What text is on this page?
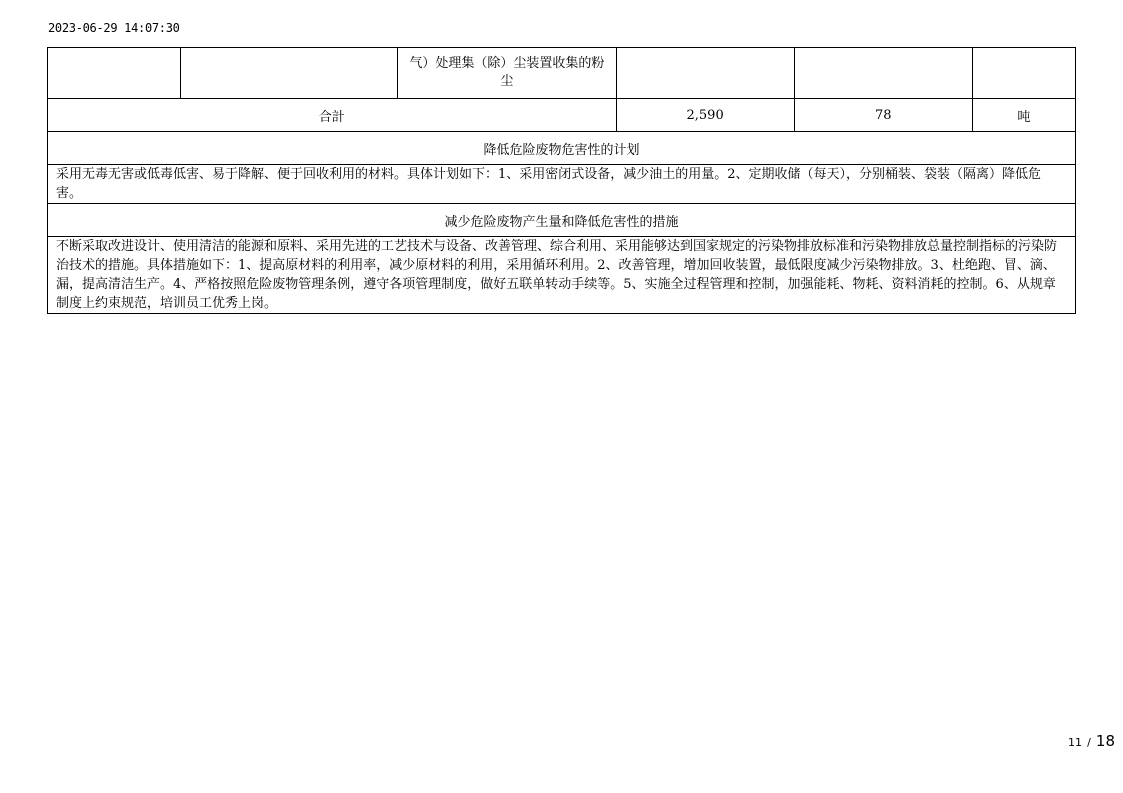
2023-06-29 14:07:30
		气）处理集（除）尘装置收集的粉尘			
合計			2,590	78	吨
降低危险废物危害性的计划					
采用无毒无害或低毒低害、易于降解、便于回收利用的材料。具体计划如下：1、采用密闭式设备，减少油土的用量。2、定期收储（每天），分别桶装、袋装（隔离）降低危害。					
减少危险废物产生量和降低危害性的措施					
不断采取改进设计、使用清洁的能源和原料、采用先进的工艺技术与设备、改善管理、综合利用、采用能够达到国家规定的污染物排放标准和污染物排放总量控制指标的污染防治技术的措施。具体措施如下：1、提高原材料的利用率，减少原材料的利用，采用循环利用。2、改善管理，增加回收装置，最低限度减少污染物排放。3、杜绝跑、冒、滴、漏，提高清洁生产。4、严格按照危险废物管理条例，遵守各项管理制度，做好五联单转动手续等。5、实施全过程管理和控制，加强能耗、物耗、资料消耗的控制。6、从规章制度上约束规范，培训员工优秀上岗。					
11 / 18
